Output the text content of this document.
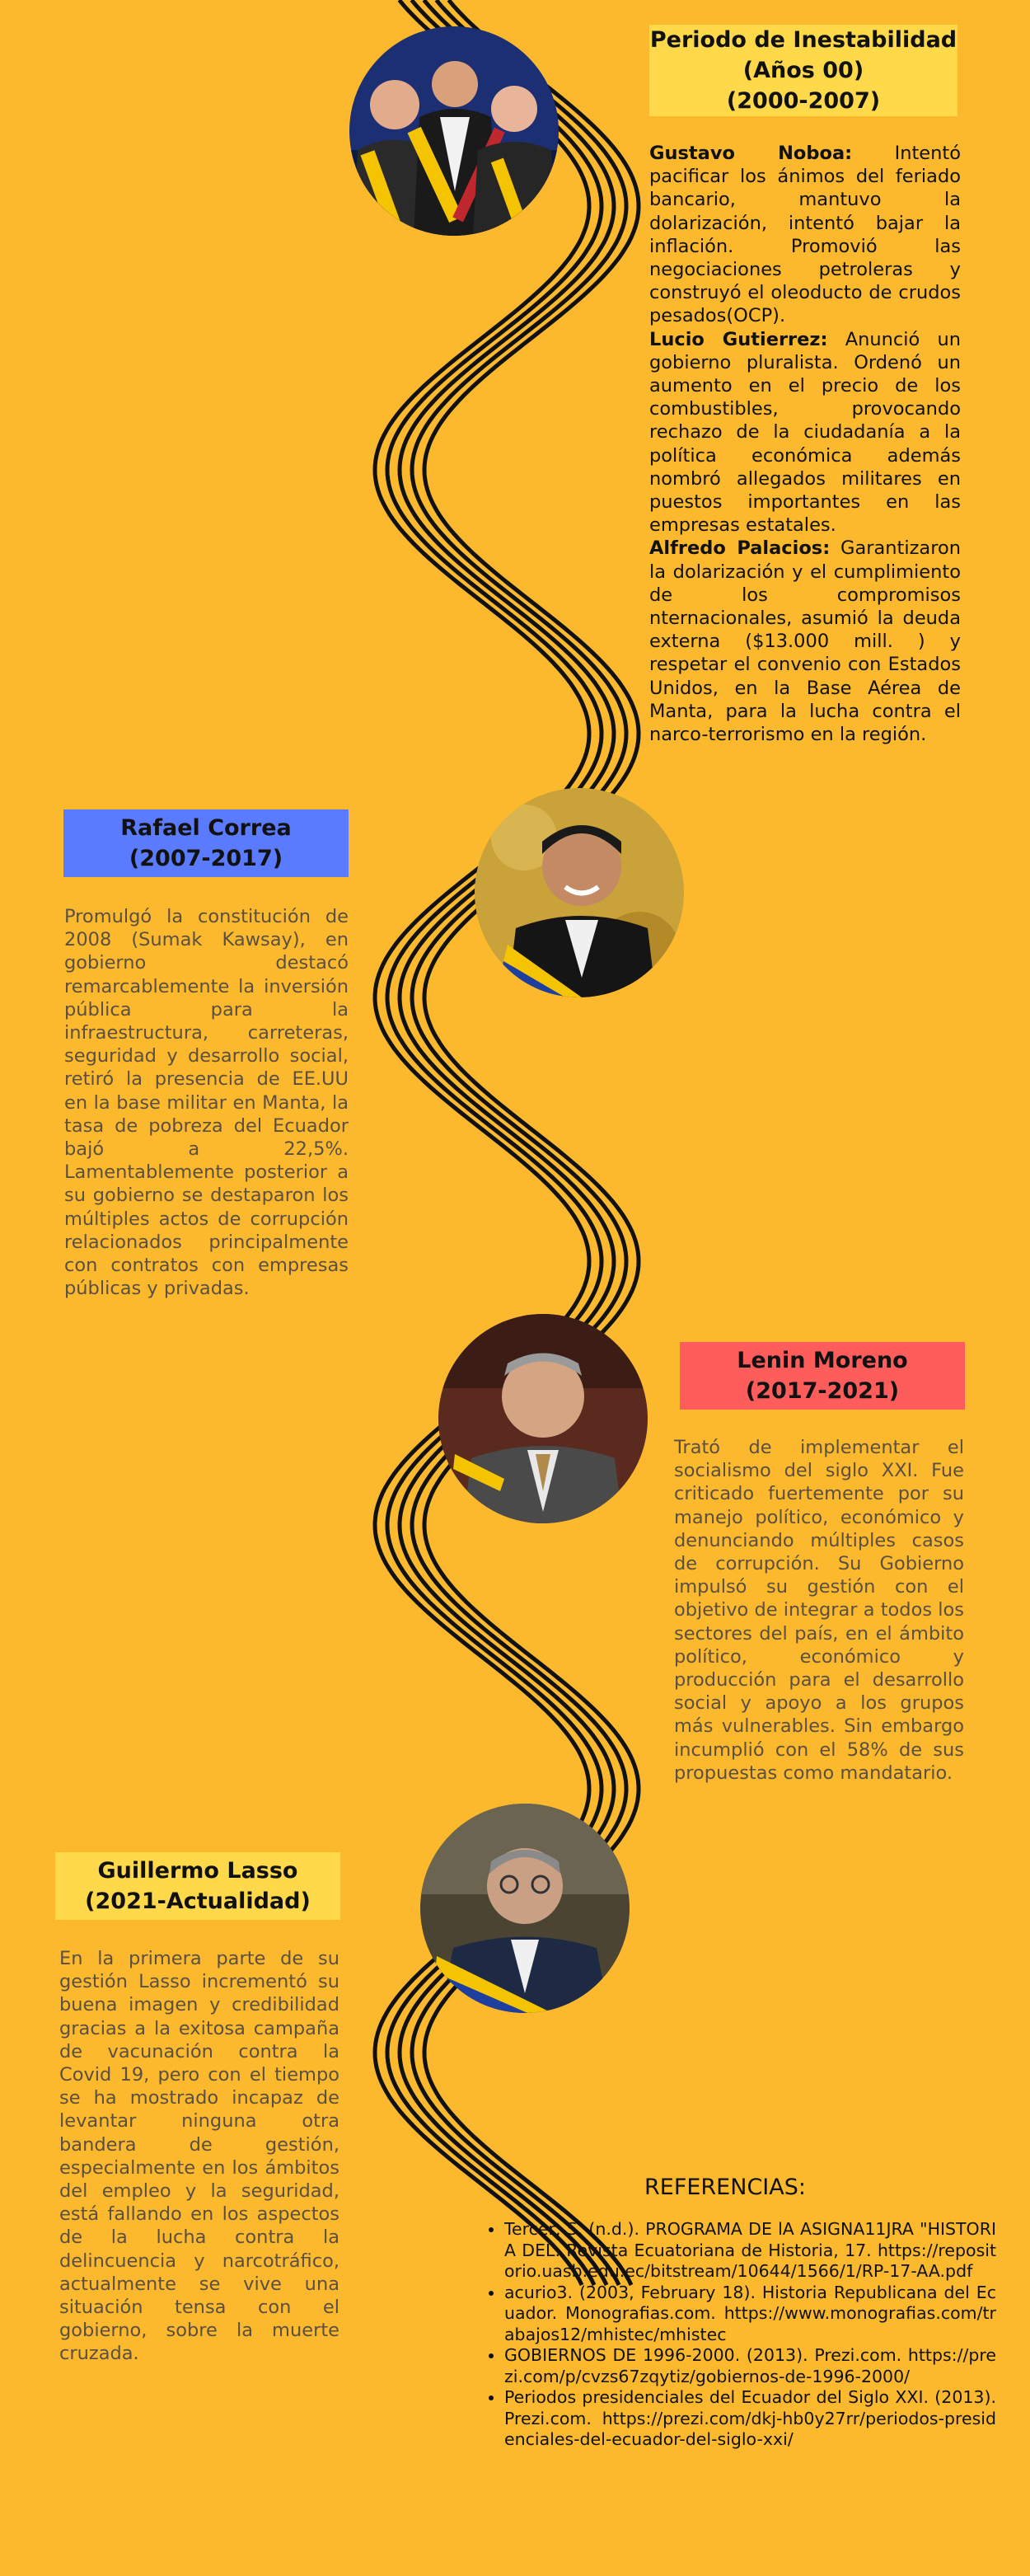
Periodo de Inestabilidad
(Años 00)
(2000-2007)

Gustavo Noboa: Intentó pacificar los ánimos del feriado bancario, mantuvo la dolarización, intentó bajar la inflación. Promovió las negociaciones petroleras y construyó el oleoducto de crudos pesados(OCP).

Lucio Gutierrez: Anunció un gobierno pluralista. Ordenó un aumento en el precio de los combustibles, provocando rechazo de la ciudadanía a la política económica además nombró allegados militares en puestos importantes en las empresas estatales.

Alfredo Palacios: Garantizaron la dolarización y el cumplimiento de los compromisos nternacionales, asumió la deuda externa ($13.000 mill. ) y respetar el convenio con Estados Unidos, en la Base Aérea de Manta, para la lucha contra el narco-terrorismo en la región.

Rafael Correa
(2007-2017)

Promulgó la constitución de 2008 (Sumak Kawsay), en gobierno destacó remarcablemente la inversión pública para la infraestructura, carreteras, seguridad y desarrollo social, retiró la presencia de EE.UU en la base militar en Manta, la tasa de pobreza del Ecuador bajó a 22,5%. Lamentablemente posterior a su gobierno se destaparon los múltiples actos de corrupción relacionados principalmente con contratos con empresas públicas y privadas.

Lenin Moreno
(2017-2021)

Trató de implementar el socialismo del siglo XXI. Fue criticado fuertemente por su manejo político, económico y denunciando múltiples casos de corrupción. Su Gobierno impulsó su gestión con el objetivo de integrar a todos los sectores del país, en el ámbito político, económico y producción para el desarrollo social y apoyo a los grupos más vulnerables. Sin embargo incumplió con el 58% de sus propuestas como mandatario.

Guillermo Lasso
(2021-Actualidad)

En la primera parte de su gestión Lasso incrementó su buena imagen y credibilidad gracias a la exitosa campaña de vacunación contra la Covid 19, pero con el tiempo se ha mostrado incapaz de levantar ninguna otra bandera de gestión, especialmente en los ámbitos del empleo y la seguridad, está fallando en los aspectos de la lucha contra la delincuencia y narcotráfico, actualmente se vive una situación tensa con el gobierno, sobre la muerte cruzada.

REFERENCIAS:
• Tercer, S. (n.d.). PROGRAMA DE lA ASIGNA11JRA "HISTORIA DEL. Revista Ecuatoriana de Historia, 17. https://repositorio.uasb.edu.ec/bitstream/10644/1566/1/RP-17-AA.pdf
• acurio3. (2003, February 18). Historia Republicana del Ecuador. Monografias.com. https://www.monografias.com/trabajos12/mhistec/mhistec
• GOBIERNOS DE 1996-2000. (2013). Prezi.com. https://prezi.com/p/cvzs67zqytiz/gobiernos-de-1996-2000/
• Periodos presidenciales del Ecuador del Siglo XXI. (2013). Prezi.com. https://prezi.com/dkj-hb0y27rr/periodos-presidenciales-del-ecuador-del-siglo-xxi/
